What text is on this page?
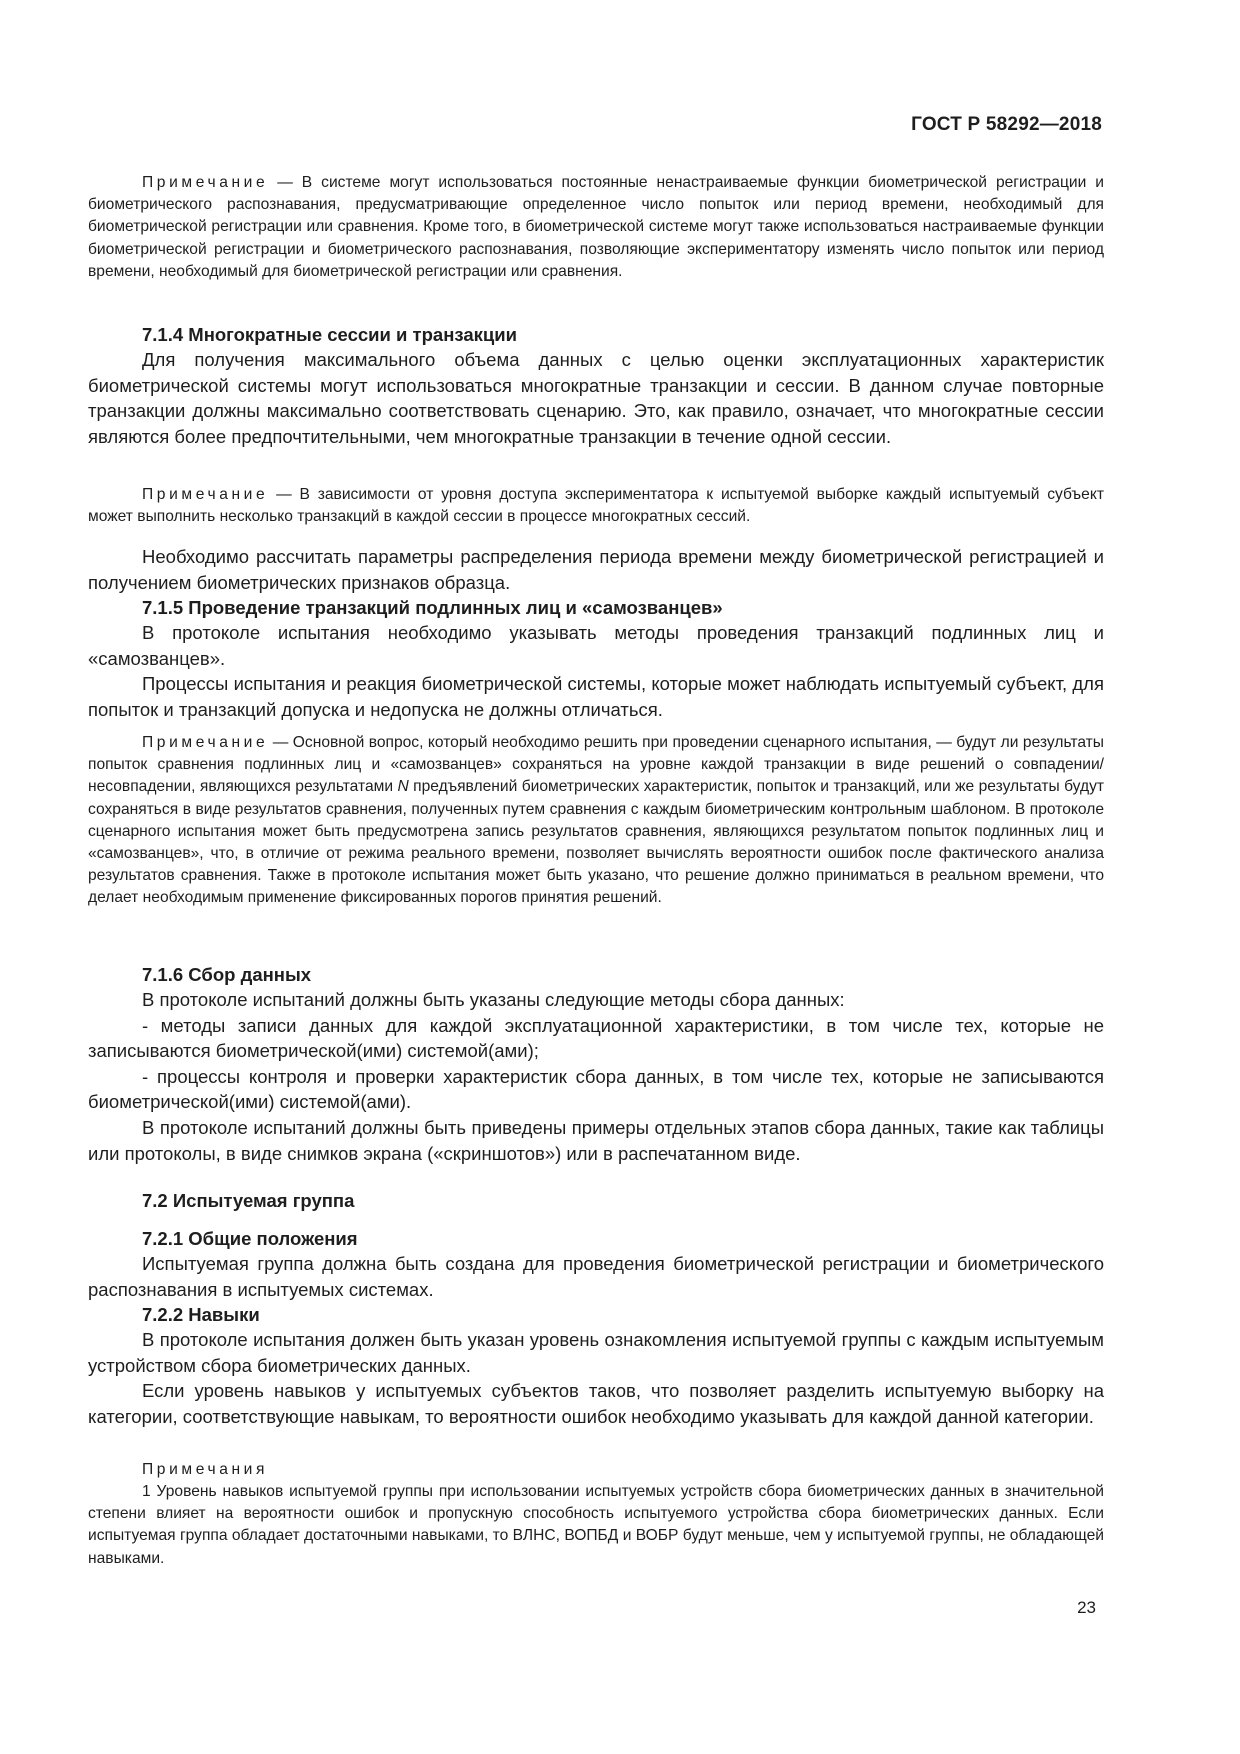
ГОСТ Р 58292—2018

Примечание — В системе могут использоваться постоянные ненастраиваемые функции биометрической регистрации и биометрического распознавания, предусматривающие определенное число попыток или период времени, необходимый для биометрической регистрации или сравнения. Кроме того, в биометрической системе могут также использоваться настраиваемые функции биометрической регистрации и биометрического распознавания, позволяющие экспериментатору изменять число попыток или период времени, необходимый для биометрической регистрации или сравнения.

7.1.4 Многократные сессии и транзакции

Для получения максимального объема данных с целью оценки эксплуатационных характеристик биометрической системы могут использоваться многократные транзакции и сессии. В данном случае повторные транзакции должны максимально соответствовать сценарию. Это, как правило, означает, что многократные сессии являются более предпочтительными, чем многократные транзакции в течение одной сессии.

Примечание — В зависимости от уровня доступа экспериментатора к испытуемой выборке каждый испытуемый субъект может выполнить несколько транзакций в каждой сессии в процессе многократных сессий.

Необходимо рассчитать параметры распределения периода времени между биометрической регистрацией и получением биометрических признаков образца.

7.1.5 Проведение транзакций подлинных лиц и «самозванцев»

В протоколе испытания необходимо указывать методы проведения транзакций подлинных лиц и «самозванцев».

Процессы испытания и реакция биометрической системы, которые может наблюдать испытуемый субъект, для попыток и транзакций допуска и недопуска не должны отличаться.

Примечание — Основной вопрос, который необходимо решить при проведении сценарного испытания, — будут ли результаты попыток сравнения подлинных лиц и «самозванцев» сохраняться на уровне каждой транзакции в виде решений о совпадении/несовпадении, являющихся результатами N предъявлений биометрических характеристик, попыток и транзакций, или же результаты будут сохраняться в виде результатов сравнения, полученных путем сравнения с каждым биометрическим контрольным шаблоном. В протоколе сценарного испытания может быть предусмотрена запись результатов сравнения, являющихся результатом попыток подлинных лиц и «самозванцев», что, в отличие от режима реального времени, позволяет вычислять вероятности ошибок после фактического анализа результатов сравнения. Также в протоколе испытания может быть указано, что решение должно приниматься в реальном времени, что делает необходимым применение фиксированных порогов принятия решений.

7.1.6 Сбор данных

В протоколе испытаний должны быть указаны следующие методы сбора данных:

- методы записи данных для каждой эксплуатационной характеристики, в том числе тех, которые не записываются биометрической(ими) системой(ами);

- процессы контроля и проверки характеристик сбора данных, в том числе тех, которые не записываются биометрической(ими) системой(ами).

В протоколе испытаний должны быть приведены примеры отдельных этапов сбора данных, такие как таблицы или протоколы, в виде снимков экрана («скриншотов») или в распечатанном виде.

7.2 Испытуемая группа

7.2.1 Общие положения

Испытуемая группа должна быть создана для проведения биометрической регистрации и биометрического распознавания в испытуемых системах.

7.2.2 Навыки

В протоколе испытания должен быть указан уровень ознакомления испытуемой группы с каждым испытуемым устройством сбора биометрических данных.

Если уровень навыков у испытуемых субъектов таков, что позволяет разделить испытуемую выборку на категории, соответствующие навыкам, то вероятности ошибок необходимо указывать для каждой данной категории.

Примечания

1 Уровень навыков испытуемой группы при использовании испытуемых устройств сбора биометрических данных в значительной степени влияет на вероятности ошибок и пропускную способность испытуемого устройства сбора биометрических данных. Если испытуемая группа обладает достаточными навыками, то ВЛНС, ВОПБД и ВОБР будут меньше, чем у испытуемой группы, не обладающей навыками.

23
